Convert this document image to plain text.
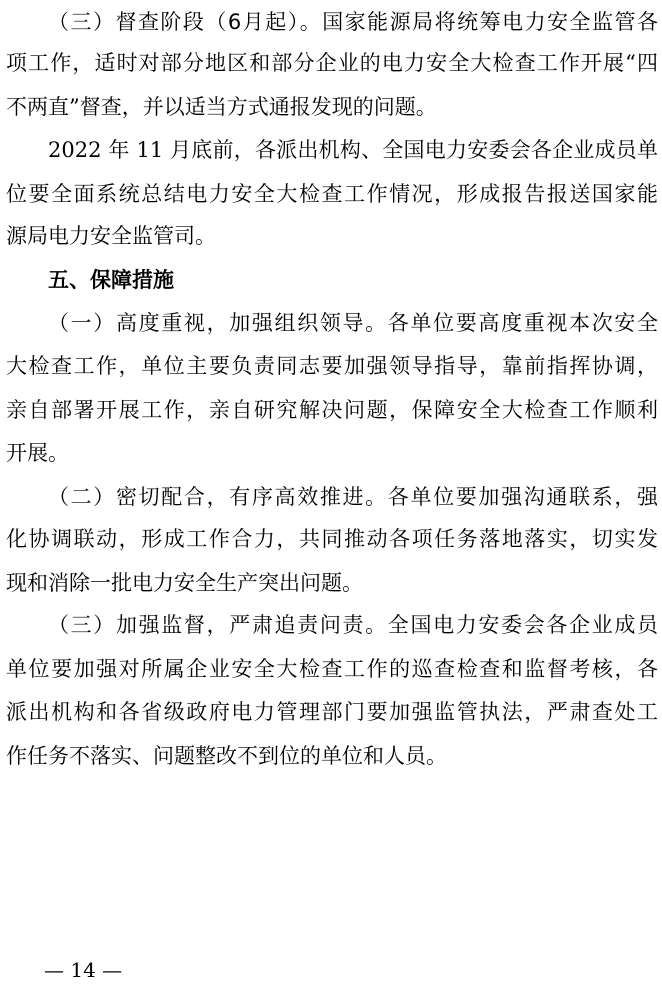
（三）督查阶段（6月起）。国家能源局将统筹电力安全监管各
项工作，适时对部分地区和部分企业的电力安全大检查工作开展“四
不两直”督查，并以适当方式通报发现的问题。
2022 年 11 月底前，各派出机构、全国电力安委会各企业成员单
位要全面系统总结电力安全大检查工作情况，形成报告报送国家能
源局电力安全监管司。
五、保障措施
（一）高度重视，加强组织领导。各单位要高度重视本次安全
大检查工作，单位主要负责同志要加强领导指导，靠前指挥协调，
亲自部署开展工作，亲自研究解决问题，保障安全大检查工作顺利
开展。
（二）密切配合，有序高效推进。各单位要加强沟通联系，强
化协调联动，形成工作合力，共同推动各项任务落地落实，切实发
现和消除一批电力安全生产突出问题。
（三）加强监督，严肃追责问责。全国电力安委会各企业成员
单位要加强对所属企业安全大检查工作的巡查检查和监督考核，各
派出机构和各省级政府电力管理部门要加强监管执法，严肃查处工
作任务不落实、问题整改不到位的单位和人员。
— 14 —
